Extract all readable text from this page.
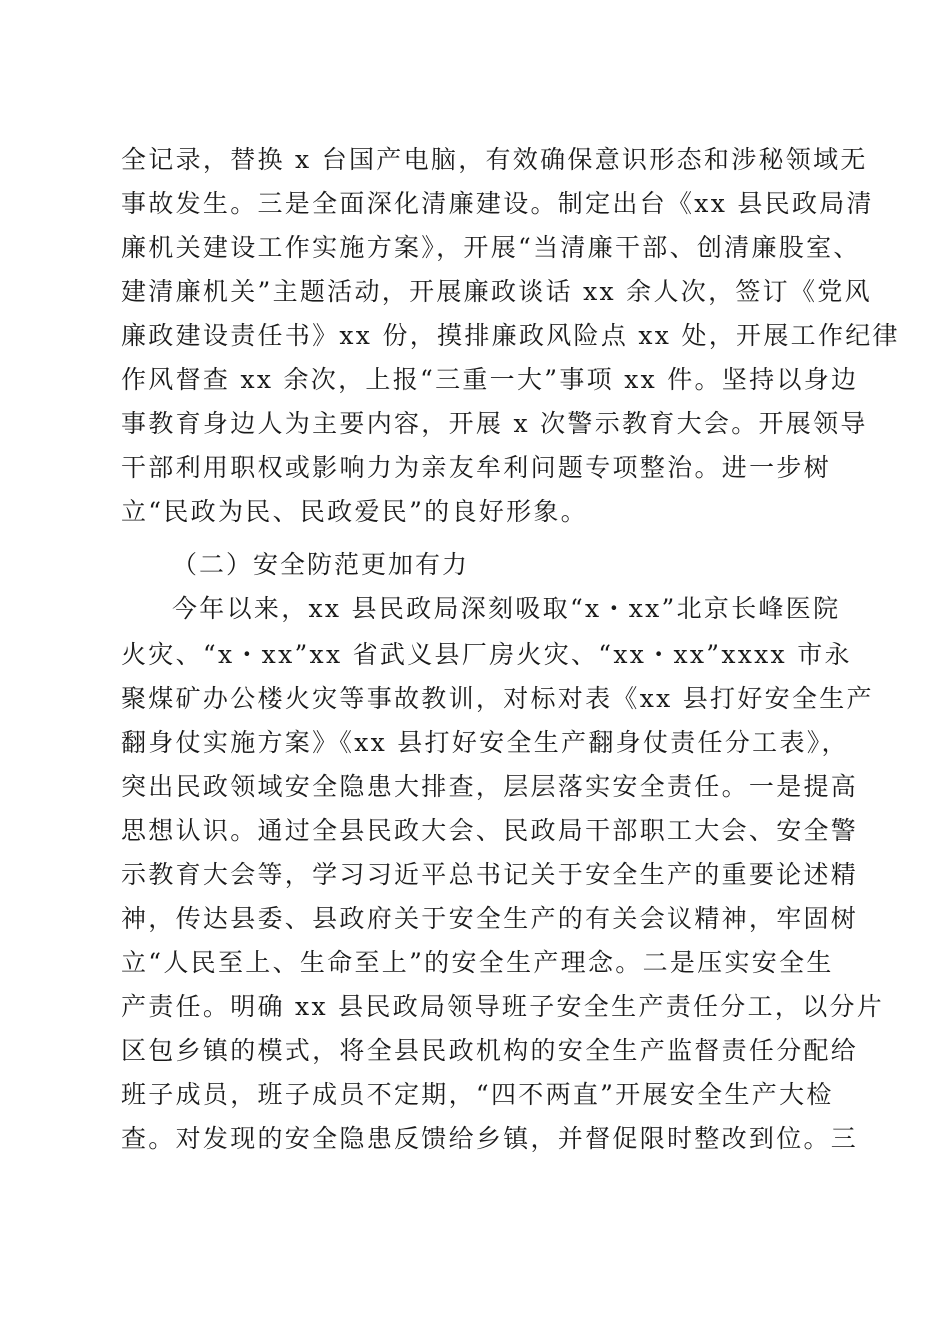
全记录，替换 x 台国产电脑，有效确保意识形态和涉秘领域无
事故发生。三是全面深化清廉建设。制定出台《xx 县民政局清
廉机关建设工作实施方案》，开展“当清廉干部、创清廉股室、
建清廉机关”主题活动，开展廉政谈话 xx 余人次，签订《党风
廉政建设责任书》xx 份，摸排廉政风险点 xx 处，开展工作纪律
作风督查 xx 余次，上报“三重一大”事项 xx 件。坚持以身边
事教育身边人为主要内容，开展 x 次警示教育大会。开展领导
干部利用职权或影响力为亲友牟利问题专项整治。进一步树
立“民政为民、民政爱民”的良好形象。
（二）安全防范更加有力
今年以来，xx 县民政局深刻吸取“x・xx”北京长峰医院
火灾、“x・xx”xx 省武义县厂房火灾、“xx・xx”xxxx 市永
聚煤矿办公楼火灾等事故教训，对标对表《xx 县打好安全生产
翻身仗实施方案》《xx 县打好安全生产翻身仗责任分工表》，
突出民政领域安全隐患大排查，层层落实安全责任。一是提高
思想认识。通过全县民政大会、民政局干部职工大会、安全警
示教育大会等，学习习近平总书记关于安全生产的重要论述精
神，传达县委、县政府关于安全生产的有关会议精神，牢固树
立“人民至上、生命至上”的安全生产理念。二是压实安全生
产责任。明确 xx 县民政局领导班子安全生产责任分工，以分片
区包乡镇的模式，将全县民政机构的安全生产监督责任分配给
班子成员，班子成员不定期，“四不两直”开展安全生产大检
查。对发现的安全隐患反馈给乡镇，并督促限时整改到位。三
